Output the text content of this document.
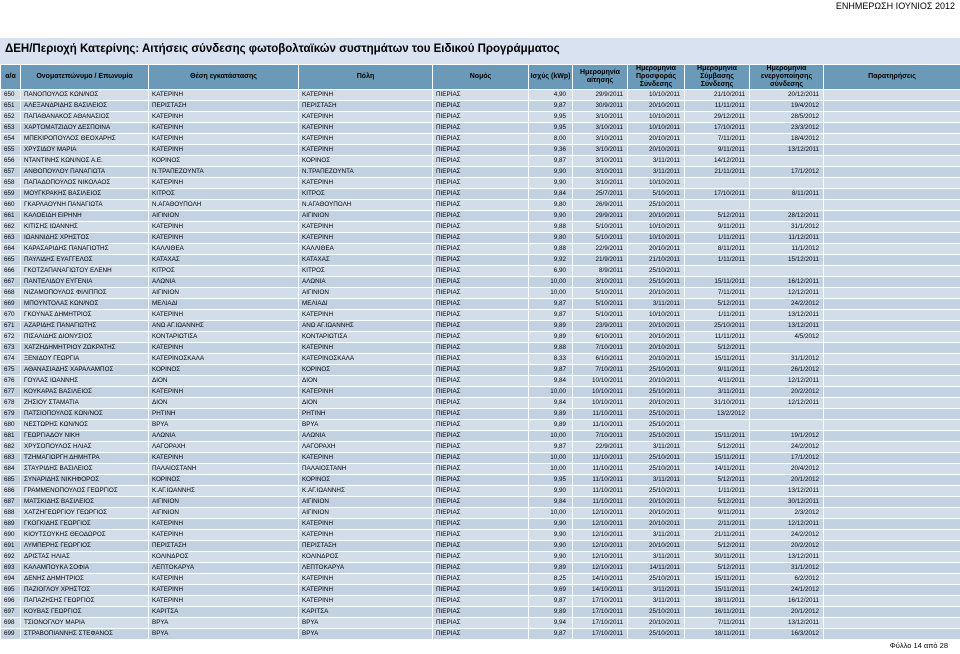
ΕΝΗΜΕΡΩΣΗ ΙΟΥΝΙΟΣ 2012
ΔΕΗ/Περιοχή Κατερίνης: Αιτήσεις σύνδεσης φωτοβολταϊκών συστημάτων του Ειδικού Προγράμματος
α/α	Ονοματεπώνυμο / Επωνυμία	Θέση εγκατάστασης	Πόλη	Νομός	Ισχύς (kWp)	Ημερομηνία αίτησης	Ημερομηνία Προσφοράς Σύνδεσης	Ημερομηνία Σύμβασης Σύνδεσης	Ημερομηνία ενεργοποίησης σύνδεσης	Παρατηρήσεις
650	ΠΑΝΟΠΟΥΛΟΣ ΚΩΝ/ΝΟΣ	ΚΑΤΕΡΙΝΗ	ΚΑΤΕΡΙΝΗ	ΠΙΕΡΙΑΣ	4,90	29/9/2011	10/10/2011	21/10/2011	20/12/2011	
651	ΑΛΕΞΑΝΔΡΙΔΗΣ ΒΑΣΙΛΕΙΟΣ	ΠΕΡΙΣΤΑΣΗ	ΠΕΡΙΣΤΑΣΗ	ΠΙΕΡΙΑΣ	9,87	30/9/2011	20/10/2011	11/11/2011	19/4/2012	
652	ΠΑΠΑΘΑΝΑΚΟΣ ΑΘΑΝΑΣΙΟΣ	ΚΑΤΕΡΙΝΗ	ΚΑΤΕΡΙΝΗ	ΠΙΕΡΙΑΣ	9,95	3/10/2011	10/10/2011	29/12/2011	28/5/2012	
653	ΧΑΡΤΟΜΑΤΖΙΔΟΥ ΔΕΣΠΟΙΝΑ	ΚΑΤΕΡΙΝΗ	ΚΑΤΕΡΙΝΗ	ΠΙΕΡΙΑΣ	9,95	3/10/2011	10/10/2011	17/10/2011	23/3/2012	
654	ΜΠΕΚΙΡΟΠΟΥΛΟΣ ΘΕΟΧΑΡΗΣ	ΚΑΤΕΡΙΝΗ	ΚΑΤΕΡΙΝΗ	ΠΙΕΡΙΑΣ	8,00	3/10/2011	20/10/2011	7/11/2011	18/4/2012	
655	ΧΡΥΣΙΔΟΥ ΜΑΡΙΑ	ΚΑΤΕΡΙΝΗ	ΚΑΤΕΡΙΝΗ	ΠΙΕΡΙΑΣ	9,36	3/10/2011	20/10/2011	9/11/2011	13/12/2011	
656	ΝΤΑΝΤΙΝΗΣ ΚΩΝ/ΝΟΣ Α.Ε.	ΚΟΡΙΝΟΣ	ΚΟΡΙΝΟΣ	ΠΙΕΡΙΑΣ	9,87	3/10/2011	3/11/2011	14/12/2011		
657	ΑΝΘΟΠΟΥΛΟΥ ΠΑΝΑΓΙΩΤΑ	Ν.ΤΡΑΠΕΖΟΥΝΤΑ	Ν.ΤΡΑΠΕΖΟΥΝΤΑ	ΠΙΕΡΙΑΣ	9,90	3/10/2011	3/11/2011	21/11/2011	17/1/2012	
658	ΠΑΠΑΔΟΠΟΥΛΟΣ ΝΙΚΟΛΑΟΣ	ΚΑΤΕΡΙΝΗ	ΚΑΤΕΡΙΝΗ	ΠΙΕΡΙΑΣ	9,90	3/10/2011	10/10/2011			
659	ΜΟΥΓΚΡΑΚΗΣ ΒΑΣΙΛΕΙΟΣ	ΚΙΤΡΟΣ	ΚΙΤΡΟΣ	ΠΙΕΡΙΑΣ	9,84	25/7/2011	5/10/2011	17/10/2011	8/11/2011	
660	ΓΚΑΡΛΑΟΥΝΗ ΠΑΝΑΓΙΩΤΑ	Ν.ΑΓΑΘΟΥΠΟΛΗ	Ν.ΑΓΑΘΟΥΠΟΛΗ	ΠΙΕΡΙΑΣ	9,80	26/9/2011	25/10/2011			
661	ΚΑΛΟΕΙΔΗ ΕΙΡΗΝΗ	ΑΙΓΙΝΙΟΝ	ΑΙΓΙΝΙΟΝ	ΠΙΕΡΙΑΣ	9,90	29/9/2011	20/10/2011	5/12/2011	28/12/2011	
662	ΚΙΤΙΣΗΣ ΙΩΑΝΝΗΣ	ΚΑΤΕΡΙΝΗ	ΚΑΤΕΡΙΝΗ	ΠΙΕΡΙΑΣ	9,88	5/10/2011	10/10/2011	9/11/2011	31/1/2012	
663	ΙΩΑΝΝΙΔΗΣ ΧΡΗΣΤΟΣ	ΚΑΤΕΡΙΝΗ	ΚΑΤΕΡΙΝΗ	ΠΙΕΡΙΑΣ	9,80	5/10/2011	10/10/2011	1/11/2011	11/12/2011	
664	ΚΑΡΑΣΑΡΙΔΗΣ ΠΑΝΑΓΙΩΤΗΣ	ΚΑΛΛΙΘΕΑ	ΚΑΛΛΙΘΕΑ	ΠΙΕΡΙΑΣ	9,88	22/9/2011	20/10/2011	8/11/2011	11/1/2012	
665	ΠΑΥΛΙΔΗΣ ΕΥΑΓΓΕΛΟΣ	ΚΑΤΑΧΑΣ	ΚΑΤΑΧΑΣ	ΠΙΕΡΙΑΣ	9,92	21/9/2011	21/10/2011	1/11/2011	15/12/2011	
666	ΓΚΟΤΖΑΠΑΝΑΓΙΩΤΟΥ ΕΛΕΝΗ	ΚΙΤΡΟΣ	ΚΙΤΡΟΣ	ΠΙΕΡΙΑΣ	6,90	8/9/2011	25/10/2011			
667	ΠΑΝΤΕΛΙΔΟΥ ΕΥΓΕΝΙΑ	ΑΛΩΝΙΑ	ΑΛΩΝΙΑ	ΠΙΕΡΙΑΣ	10,00	3/10/2011	25/10/2011	15/11/2011	16/12/2011	
668	ΝΙΖΑΜΟΠΟΥΛΟΣ ΦΙΛΙΠΠΟΣ	ΑΙΓΙΝΙΟΝ	ΑΙΓΙΝΙΟΝ	ΠΙΕΡΙΑΣ	10,00	5/10/2011	20/10/2011	7/11/2011	12/12/2011	
669	ΜΠΟΥΝΤΟΛΑΣ ΚΩΝ/ΝΟΣ	ΜΕΛΙΑΔΙ	ΜΕΛΙΑΔΙ	ΠΙΕΡΙΑΣ	9,87	5/10/2011	3/11/2011	5/12/2011	24/2/2012	
670	ΓΚΟΥΝΑΣ ΔΗΜΗΤΡΙΟΣ	ΚΑΤΕΡΙΝΗ	ΚΑΤΕΡΙΝΗ	ΠΙΕΡΙΑΣ	9,87	5/10/2011	10/10/2011	1/11/2011	13/12/2011	
671	ΑΖΑΡΙΔΗΣ ΠΑΝΑΓΙΩΤΗΣ	ΑΝΩ ΑΓ.ΙΩΑΝΝΗΣ	ΑΝΩ ΑΓ.ΙΩΑΝΝΗΣ	ΠΙΕΡΙΑΣ	9,89	23/9/2011	20/10/2011	25/10/2011	13/12/2011	
672	ΠΙΣΑΛΙΔΗΣ ΔΙΟΝΥΣΙΟΣ	ΚΟΝΤΑΡΙΩΤΙΣΑ	ΚΟΝΤΑΡΙΩΤΙΣΑ	ΠΙΕΡΙΑΣ	9,89	6/10/2011	20/10/2011	11/11/2011	4/5/2012	
673	ΧΑΤΖΗΔΗΜΗΤΡΙΟΥ ΖΩΚΡΑΤΗΣ	ΚΑΤΕΡΙΝΗ	ΚΑΤΕΡΙΝΗ	ΠΙΕΡΙΑΣ	9,88	7/10/2011	20/10/2011	5/12/2011		
674	ΞΕΝΙΔΟΥ ΓΕΩΡΓΙΑ	ΚΑΤΕΡΙΝΟΣΚΑΛΑ	ΚΑΤΕΡΙΝΟΣΚΑΛΑ	ΠΙΕΡΙΑΣ	8,33	6/10/2011	20/10/2011	15/11/2011	31/1/2012	
675	ΑΘΑΝΑΣΙΑΔΗΣ ΧΑΡΑΛΑΜΠΟΣ	ΚΟΡΙΝΟΣ	ΚΟΡΙΝΟΣ	ΠΙΕΡΙΑΣ	9,87	7/10/2011	25/10/2011	9/11/2011	26/1/2012	
676	ΓΟΥΛΑΣ ΙΩΑΝΝΗΣ	ΔΙΟΝ	ΔΙΟΝ	ΠΙΕΡΙΑΣ	9,84	10/10/2011	20/10/2011	4/11/2011	12/12/2011	
677	ΚΟΥΚΑΡΑΣ ΒΑΣΙΛΕΙΟΣ	ΚΑΤΕΡΙΝΗ	ΚΑΤΕΡΙΝΗ	ΠΙΕΡΙΑΣ	10,00	10/10/2011	25/10/2011	3/11/2011	20/2/2012	
678	ΖΗΣΙΟΥ ΣΤΑΜΑΤΙΑ	ΔΙΟΝ	ΔΙΟΝ	ΠΙΕΡΙΑΣ	9,84	10/10/2011	20/10/2011	31/10/2011	12/12/2011	
679	ΠΑΤΣΙΟΠΟΥΛΟΣ ΚΩΝ/ΝΟΣ	ΡΗΤΙΝΗ	ΡΗΤΙΝΗ	ΠΙΕΡΙΑΣ	9,89	11/10/2011	25/10/2011	13/2/2012		
680	ΝΕΣΤΩΡΗΣ ΚΩΝ/ΝΟΣ	ΒΡΥΑ	ΒΡΥΑ	ΠΙΕΡΙΑΣ	9,89	11/10/2011	25/10/2011			
681	ΓΕΩΡΓΙΑΔΟΥ ΝΙΚΗ	ΑΛΩΝΙΑ	ΑΛΩΝΙΑ	ΠΙΕΡΙΑΣ	10,00	7/10/2011	25/10/2011	15/11/2011	19/1/2012	
682	ΧΡΥΣΟΠΟΥΛΟΣ ΗΛΙΑΣ	ΛΑΓΟΡΑΧΗ	ΛΑΓΟΡΑΧΗ	ΠΙΕΡΙΑΣ	9,87	22/9/2011	3/11/2011	5/12/2011	24/2/2012	
683	ΤΖΗΜΑΓΙΩΡΓΗ ΔΗΜΗΤΡΑ	ΚΑΤΕΡΙΝΗ	ΚΑΤΕΡΙΝΗ	ΠΙΕΡΙΑΣ	10,00	11/10/2011	25/10/2011	15/11/2011	17/1/2012	
684	ΣΤΑΥΡΙΔΗΣ ΒΑΣΙΛΕΙΟΣ	ΠΑΛΑΙΟΣΤΑΝΗ	ΠΑΛΑΙΟΣΤΑΝΗ	ΠΙΕΡΙΑΣ	10,00	11/10/2011	25/10/2011	14/11/2011	20/4/2012	
685	ΣΥΝΑΡΙΔΗΣ ΝΙΚΗΦΟΡΟΣ	ΚΟΡΙΝΟΣ	ΚΟΡΙΝΟΣ	ΠΙΕΡΙΑΣ	9,95	11/10/2011	3/11/2011	5/12/2011	20/1/2012	
686	ΓΡΑΜΜΕΝΟΠΟΥΛΟΣ ΓΕΩΡΓΙΟΣ	Κ.ΑΓ.ΙΩΑΝΝΗΣ	Κ.ΑΓ.ΙΩΑΝΝΗΣ	ΠΙΕΡΙΑΣ	9,90	11/10/2011	25/10/2011	1/11/2011	13/12/2011	
687	ΜΑΤΣΚΙΔΗΣ ΒΑΣΙΛΕΙΟΣ	ΑΙΓΙΝΙΟΝ	ΑΙΓΙΝΙΟΝ	ΠΙΕΡΙΑΣ	9,84	11/10/2011	20/10/2011	5/12/2011	30/12/2011	
688	ΧΑΤΖΗΓΕΩΡΓΙΟΥ ΓΕΩΡΓΙΟΣ	ΑΙΓΙΝΙΟΝ	ΑΙΓΙΝΙΟΝ	ΠΙΕΡΙΑΣ	10,00	12/10/2011	20/10/2011	9/11/2011	2/3/2012	
689	ΓΚΟΓΚΙΔΗΣ ΓΕΩΡΓΙΟΣ	ΚΑΤΕΡΙΝΗ	ΚΑΤΕΡΙΝΗ	ΠΙΕΡΙΑΣ	9,90	12/10/2011	20/10/2011	2/11/2011	12/12/2011	
690	ΚΙΟΥΤΣΟΥΚΗΣ ΘΕΟΔΩΡΟΣ	ΚΑΤΕΡΙΝΗ	ΚΑΤΕΡΙΝΗ	ΠΙΕΡΙΑΣ	9,90	12/10/2011	3/11/2011	21/11/2011	24/2/2012	
691	ΛΥΜΠΕΡΗΣ ΓΕΩΡΓΙΟΣ	ΠΕΡΙΣΤΑΣΗ	ΠΕΡΙΣΤΑΣΗ	ΠΙΕΡΙΑΣ	9,90	12/10/2011	20/10/2011	5/12/2011	20/2/2012	
692	ΔΡΙΣΤΑΣ ΗΛΙΑΣ	ΚΟΛΙΝΔΡΟΣ	ΚΟΛΙΝΔΡΟΣ	ΠΙΕΡΙΑΣ	9,90	12/10/2011	3/11/2011	30/11/2011	13/12/2011	
693	ΚΑΛΑΜΠΟΥΚΑ ΣΟΦΙΑ	ΛΕΠΤΟΚΑΡΥΑ	ΛΕΠΤΟΚΑΡΥΑ	ΠΙΕΡΙΑΣ	9,89	12/10/2011	14/11/2011	5/12/2011	31/1/2012	
694	ΔΕΝΗΣ ΔΗΜΗΤΡΙΟΣ	ΚΑΤΕΡΙΝΗ	ΚΑΤΕΡΙΝΗ	ΠΙΕΡΙΑΣ	8,25	14/10/2011	25/10/2011	15/11/2011	6/2/2012	
695	ΠΑΖΙΟΓΛΟΥ ΧΡΗΣΤΟΣ	ΚΑΤΕΡΙΝΗ	ΚΑΤΕΡΙΝΗ	ΠΙΕΡΙΑΣ	9,69	14/10/2011	3/11/2011	15/11/2011	24/1/2012	
696	ΠΑΠΑΖΗΣΗΣ ΓΕΩΡΓΙΟΣ	ΚΑΤΕΡΙΝΗ	ΚΑΤΕΡΙΝΗ	ΠΙΕΡΙΑΣ	9,87	17/10/2011	3/11/2011	18/11/2011	16/12/2011	
697	ΚΟΥΒΑΣ ΓΕΩΡΓΙΟΣ	ΚΑΡΙΤΣΑ	ΚΑΡΙΤΣΑ	ΠΙΕΡΙΑΣ	9,89	17/10/2011	25/10/2011	16/11/2011	20/1/2012	
698	ΤΣΙΟΝΟΓΛΟΥ ΜΑΡΙΑ	ΒΡΥΑ	ΒΡΥΑ	ΠΙΕΡΙΑΣ	9,94	17/10/2011	20/10/2011	7/11/2011	13/12/2011	
699	ΣΤΡΑΒΟΠΙΑΝΝΗΣ ΣΤΕΦΑΝΟΣ	ΒΡΥΑ	ΒΡΥΑ	ΠΙΕΡΙΑΣ	9,87	17/10/2011	25/10/2011	18/11/2011	16/3/2012	
Φύλλο 14 από 28
